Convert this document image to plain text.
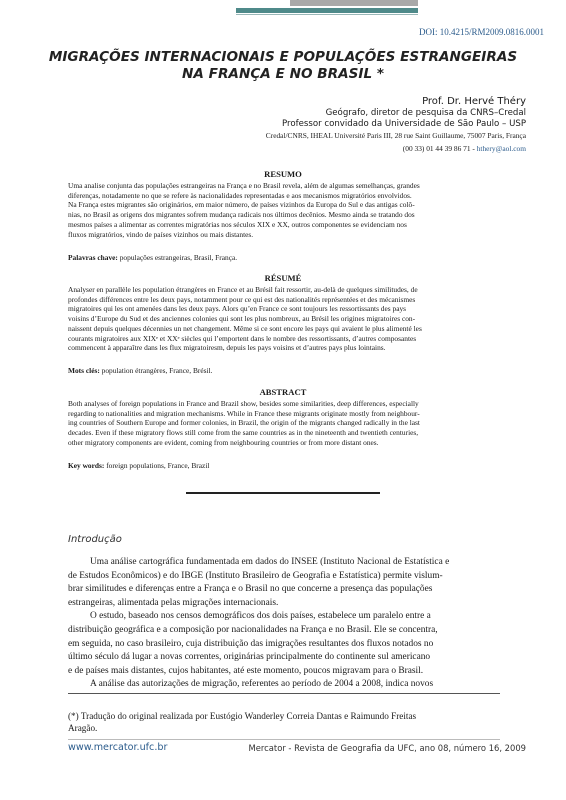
DOI: 10.4215/RM2009.0816.0001
MIGRAÇÕES INTERNACIONAIS E POPULAÇÕES ESTRANGEIRAS
NA FRANÇA E NO BRASIL *
Prof. Dr. Hervé Théry
Geógrafo, diretor de pesquisa da CNRS–Credal
Professor convidado da Universidade de São Paulo – USP
Credal/CNRS, IHEAL Université Paris III, 28 rue Saint Guillaume, 75007 Paris, França
(00 33) 01 44 39 86 71 - hthery@aol.com
RESUMO
Uma analise conjunta das populações estrangeiras na França e no Brasil revela, além de algumas semelhanças, grandes
diferenças, notadamente no que se refere às nacionalidades representadas e aos mecanismos migratórios envolvidos.
Na França estes migrantes são originários, em maior número, de países vizinhos da Europa do Sul e das antigas colô-
nias, no Brasil as origens dos migrantes sofrem mudança radicais nos últimos decênios. Mesmo ainda se tratando dos
mesmos países a alimentar as correntes migratórias nos séculos XIX e XX, outros componentes se evidenciam nos
fluxos migratórios, vindo de países vizinhos ou mais distantes.
Palavras chave: populações estrangeiras, Brasil, França.
RÉSUMÉ
Analyser en parallèle les population étrangères en France et au Brésil fait ressortir, au-delà de quelques similitudes, de
profondes différences entre les deux pays, notamment pour ce qui est des nationalités représentées et des mécanismes
migratoires qui les ont amenées dans les deux pays. Alors qu’en France ce sont toujours les ressortissants des pays
voisins d’Europe du Sud et des anciennes colonies qui sont les plus nombreux, au Brésil les origines migratoires con-
naissent depuis quelques décennies un net changement. Même si ce sont encore les pays qui avaient le plus alimenté les
courants migratoires aux XIXᵉ et XXᵉ siècles qui l’emportent dans le nombre des ressortissants, d’autres composantes
commencent à apparaître dans les flux migratoiresm, depuis les pays voisins et d’autres pays plus lointains.
Mots clés: population étrangères, France, Brésil.
ABSTRACT
Both analyses of foreign populations in France and Brazil show, besides some similarities, deep differences, especially
regarding to nationalities and migration mechanisms. While in France these migrants originate mostly from neighbour-
ing countries of Southern Europe and former colonies, in Brazil, the origin of the migrants changed radically in the last
decades. Even if these migratory flows still come from the same countries as in the nineteenth and twentieth centuries,
other migratory components are evident, coming from neighbouring countries or from more distant ones.
Key words: foreign populations, France, Brazil
Introdução
Uma análise cartográfica fundamentada em dados do INSEE (Instituto Nacional de Estatística e
de Estudos Econômicos) e do IBGE (Instituto Brasileiro de Geografia e Estatística) permite vislum-
brar similitudes e diferenças entre a França e o Brasil no que concerne a presença das populações
estrangeiras, alimentada pelas migrações internacionais.
O estudo, baseado nos censos demográficos dos dois países, estabelece um paralelo entre a
distribuição geográfica e a composição por nacionalidades na França e no Brasil. Ele se concentra,
em seguida, no caso brasileiro, cuja distribuição das imigrações resultantes dos fluxos notados no
último século dá lugar a novas correntes, originárias principalmente do continente sul americano
e de países mais distantes, cujos habitantes, até este momento, poucos migravam para o Brasil.
A análise das autorizações de migração, referentes ao período de 2004 a 2008, indica novos
(*) Tradução do original realizada por Eustógio Wanderley Correia Dantas e Raimundo Freitas
Aragão.
www.mercator.ufc.br	Mercator - Revista de Geografia da UFC, ano 08, número 16, 2009
